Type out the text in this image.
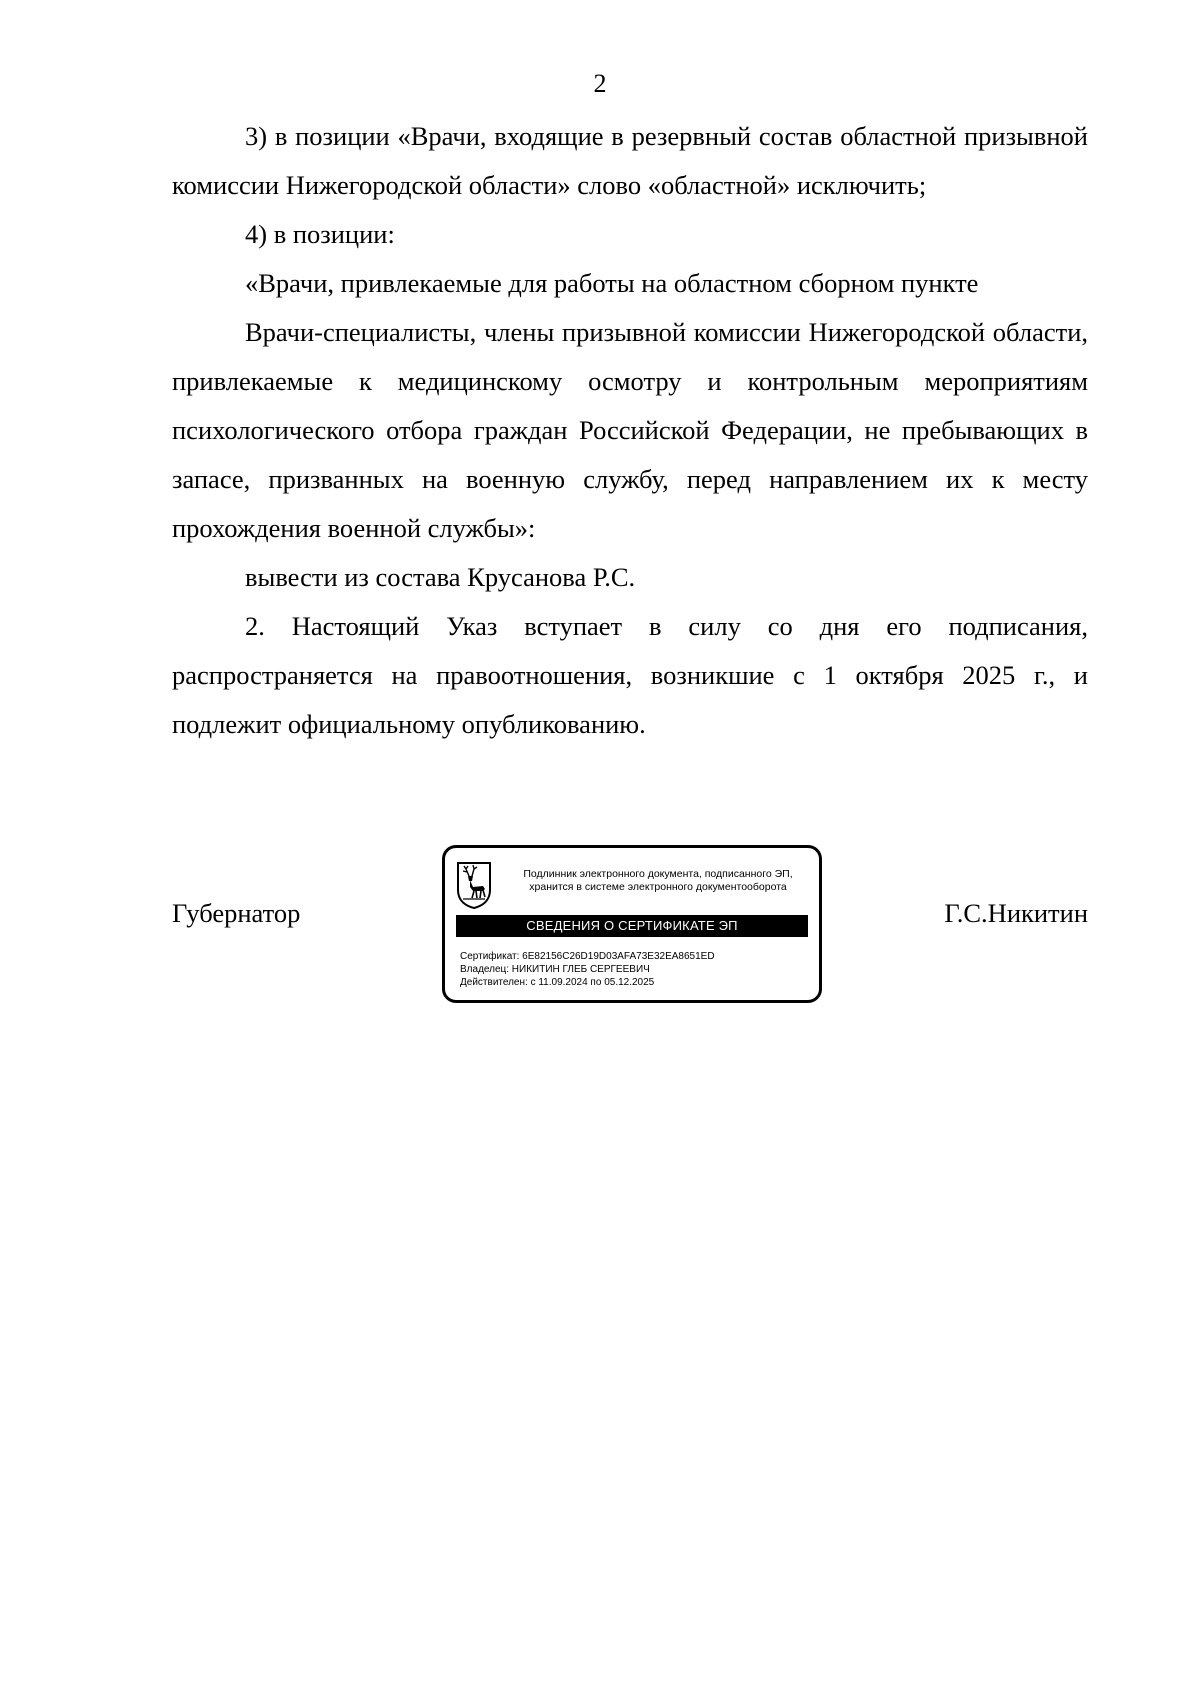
2

3) в позиции «Врачи, входящие в резервный состав областной призывной комиссии Нижегородской области» слово «областной» исключить;

4) в позиции:

«Врачи, привлекаемые для работы на областном сборном пункте

Врачи-специалисты, члены призывной комиссии Нижегородской области, привлекаемые к медицинскому осмотру и контрольным мероприятиям психологического отбора граждан Российской Федерации, не пребывающих в запасе, призванных на военную службу, перед направлением их к месту прохождения военной службы»:

вывести из состава Крусанова Р.С.

2. Настоящий Указ вступает в силу со дня его подписания, распространяется на правоотношения, возникшие с 1 октября 2025 г., и подлежит официальному опубликованию.

Губернатор
Подлинник электронного документа, подписанного ЭП,
хранится в системе электронного документооборота
СВЕДЕНИЯ О СЕРТИФИКАТЕ ЭП
Сертификат: 6E82156C26D19D03AFA73E32EA8651ED
Владелец: НИКИТИН ГЛЕБ СЕРГЕЕВИЧ
Действителен: с 11.09.2024 по 05.12.2025
Г.С.Никитин
